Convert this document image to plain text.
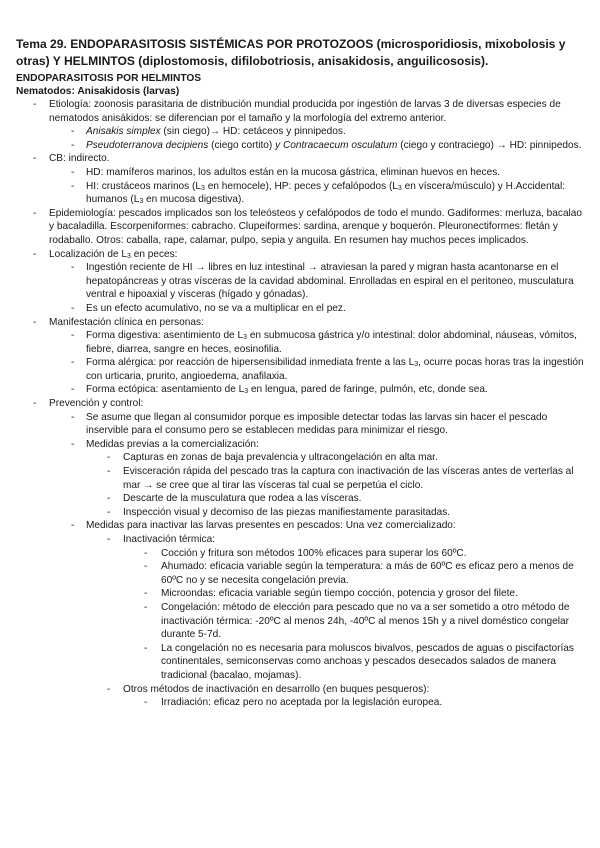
Tema 29. ENDOPARASITOSIS SISTÉMICAS POR PROTOZOOS (microsporidiosis, mixobolosis y otras) Y HELMINTOS (diplostomosis, difilobotriosis, anisakidosis, anguilicososis).
ENDOPARASITOSIS POR HELMINTOS
Nematodos: Anisakidosis (larvas)
- Etiología: zoonosis parasitaria de distribución mundial producida por ingestión de larvas 3 de diversas especies de nematodos anisákidos: se diferencian por el tamaño y la morfología del extremo anterior.
- Anisakis simplex (sin ciego)→ HD: cetáceos y pinnipedos.
- Pseudoterranova decipiens (ciego cortito) y Contracaecum osculatum (ciego y contraciego) → HD: pinnipedos.
- CB: indirecto.
- HD: mamíferos marinos, los adultos están en la mucosa gástrica, eliminan huevos en heces.
- HI: crustáceos marinos ($L_3$ en hemocele), HP: peces y cefalópodos ($L_3$ en víscera/músculo) y H.Accidental: humanos ($L_3$ en mucosa digestiva).
- Epidemiología: pescados implicados son los teleósteos y cefalópodos de todo el mundo. Gadiformes: merluza, bacalao y bacaladilla. Escorpeniformes: cabracho. Clupeiformes: sardina, arenque y boquerón. Pleuronectiformes: fletán y rodaballo. Otros: caballa, rape, calamar, pulpo, sepia y anguila. En resumen hay muchos peces implicados.
- Localización de $L_3$ en peces:
- Ingestión reciente de HI → libres en luz intestinal → atraviesan la pared y migran hasta acantonarse en el hepatopáncreas y otras vísceras de la cavidad abdominal. Enrolladas en espiral en el peritoneo, musculatura ventral e hipoaxial y vísceras (hígado y gónadas).
- Es un efecto acumulativo, no se va a multiplicar en el pez.
- Manifestación clínica en personas:
- Forma digestiva: asentimiento de $L_3$ en submucosa gástrica y/o intestinal: dolor abdominal, náuseas, vómitos, fiebre, diarrea, sangre en heces, eosinofilia.
- Forma alérgica: por reacción de hipersensibilidad inmediata frente a las $L_3$, ocurre pocas horas tras la ingestión con urticaria, prurito, angioedema, anafilaxia.
- Forma ectópica: asentamiento de $L_3$ en lengua, pared de faringe, pulmón, etc, donde sea.
- Prevención y control:
- Se asume que llegan al consumidor porque es imposible detectar todas las larvas sin hacer el pescado inservible para el consumo pero se establecen medidas para minimizar el riesgo.
- Medidas previas a la comercialización:
- Capturas en zonas de baja prevalencia y ultracongelación en alta mar.
- Evisceración rápida del pescado tras la captura con inactivación de las vísceras antes de verterlas al mar → se cree que al tirar las vísceras tal cual se perpetúa el ciclo.
- Descarte de la musculatura que rodea a las vísceras.
- Inspección visual y decomiso de las piezas manifiestamente parasitadas.
- Medidas para inactivar las larvas presentes en pescados: Una vez comercializado:
- Inactivación térmica:
- Cocción y fritura son métodos 100% eficaces para superar los 60ºC.
- Ahumado: eficacia variable según la temperatura: a más de 60ºC es eficaz pero a menos de 60ºC no y se necesita congelación previa.
- Microondas: eficacia variable según tiempo cocción, potencia y grosor del filete.
- Congelación: método de elección para pescado que no va a ser sometido a otro método de inactivación térmica: -20ºC al menos 24h, -40ºC al menos 15h y a nivel doméstico congelar durante 5-7d.
- La congelación no es necesaria para moluscos bivalvos, pescados de aguas o piscifactorías continentales, semiconservas como anchoas y pescados desecados salados de manera tradicional (bacalao, mojamas).
- Otros métodos de inactivación en desarrollo (en buques pesqueros):
- Irradiación: eficaz pero no aceptada por la legislación europea.
